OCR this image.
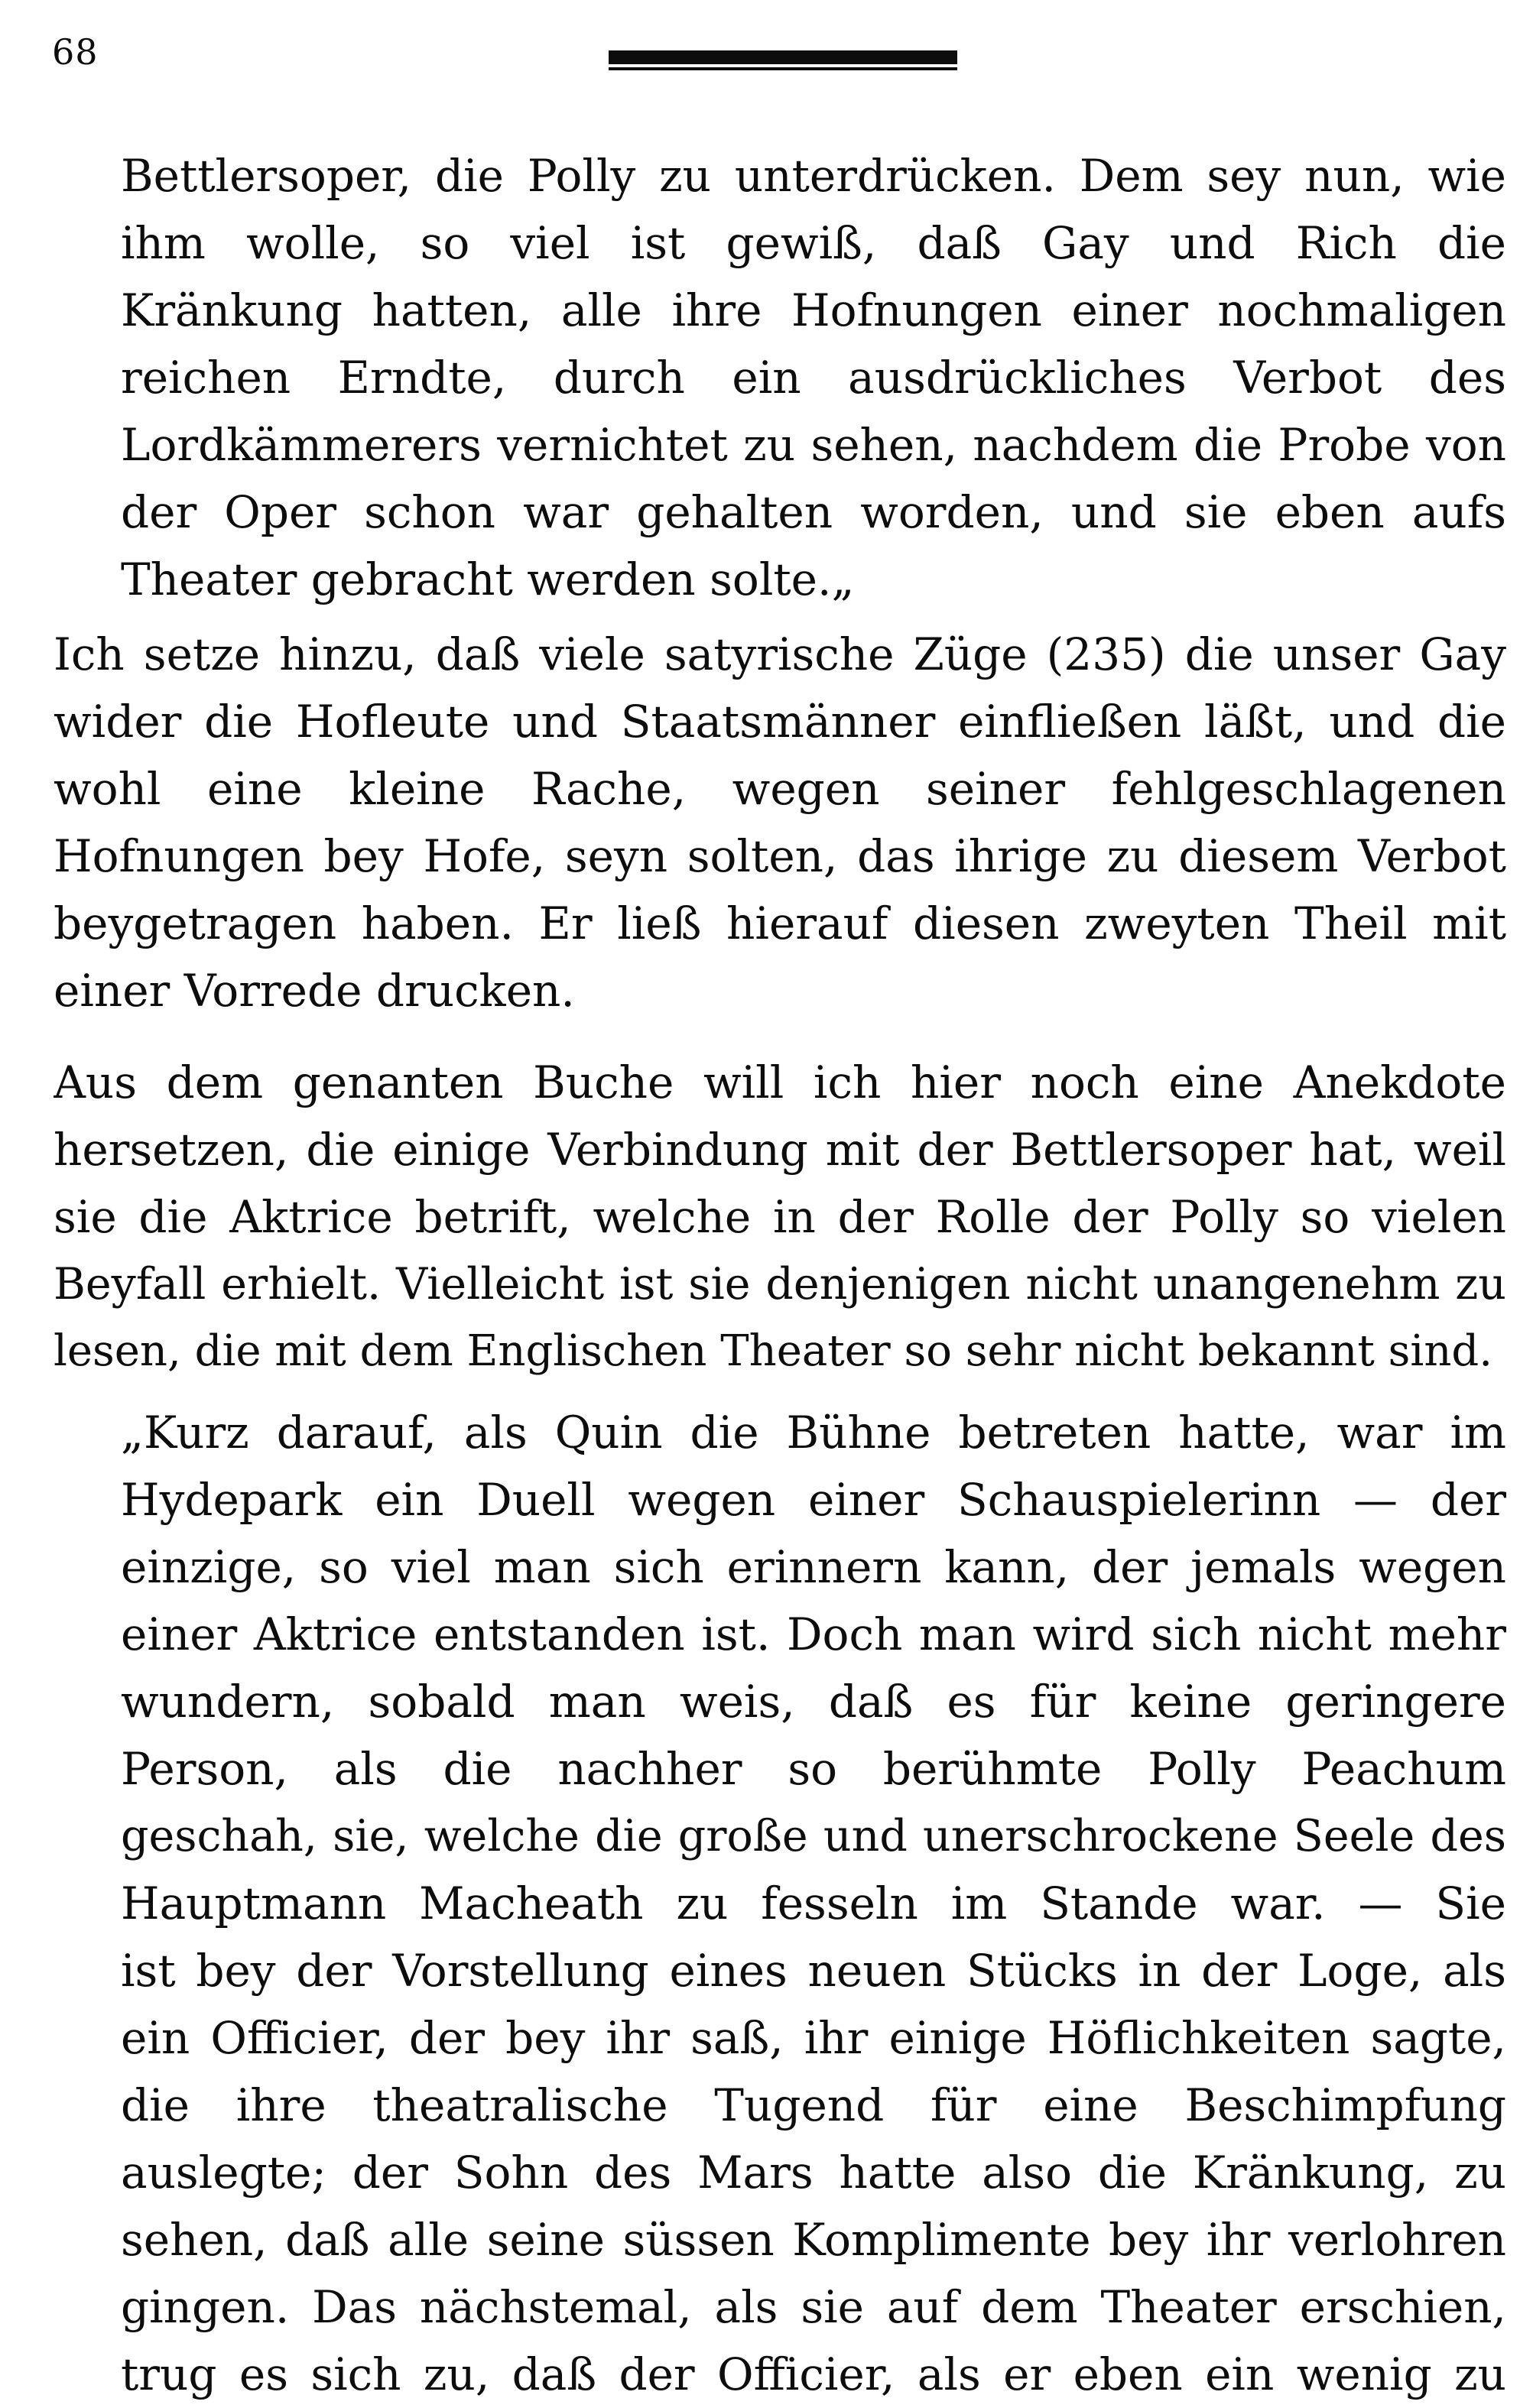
68
Bettlersoper, die Polly zu unterdrücken. Dem sey nun, wie
ihm wolle, so viel ist gewiß, daß Gay und Rich die
Kränkung hatten, alle ihre Hofnungen einer nochmaligen
reichen Erndte, durch ein ausdrückliches Verbot des
Lordkämmerers vernichtet zu sehen, nachdem die Probe von
der Oper schon war gehalten worden, und sie eben aufs
Theater gebracht werden solte.„
Ich setze hinzu, daß viele satyrische Züge (235) die unser Gay
wider die Hofleute und Staatsmänner einfließen läßt, und die
wohl eine kleine Rache, wegen seiner fehlgeschlagenen
Hofnungen bey Hofe, seyn solten, das ihrige zu diesem Verbot
beygetragen haben. Er ließ hierauf diesen zweyten Theil mit
einer Vorrede drucken.
Aus dem genanten Buche will ich hier noch eine Anekdote
hersetzen, die einige Verbindung mit der Bettlersoper hat, weil
sie die Aktrice betrift, welche in der Rolle der Polly so vielen
Beyfall erhielt. Vielleicht ist sie denjenigen nicht unangenehm zu
lesen, die mit dem Englischen Theater so sehr nicht bekannt sind.
„Kurz darauf, als Quin die Bühne betreten hatte, war im
Hydepark ein Duell wegen einer Schauspielerinn — der
einzige, so viel man sich erinnern kann, der jemals wegen
einer Aktrice entstanden ist. Doch man wird sich nicht mehr
wundern, sobald man weis, daß es für keine geringere
Person, als die nachher so berühmte Polly Peachum
geschah, sie, welche die große und unerschrockene Seele des
Hauptmann Macheath zu fesseln im Stande war. — Sie
ist bey der Vorstellung eines neuen Stücks in der Loge, als
ein Officier, der bey ihr saß, ihr einige Höflichkeiten sagte,
die ihre theatralische Tugend für eine Beschimpfung
auslegte; der Sohn des Mars hatte also die Kränkung, zu
sehen, daß alle seine süssen Komplimente bey ihr verlohren
gingen. Das nächstemal, als sie auf dem Theater erschien,
trug es sich zu, daß der Officier, als er eben ein wenig zu
